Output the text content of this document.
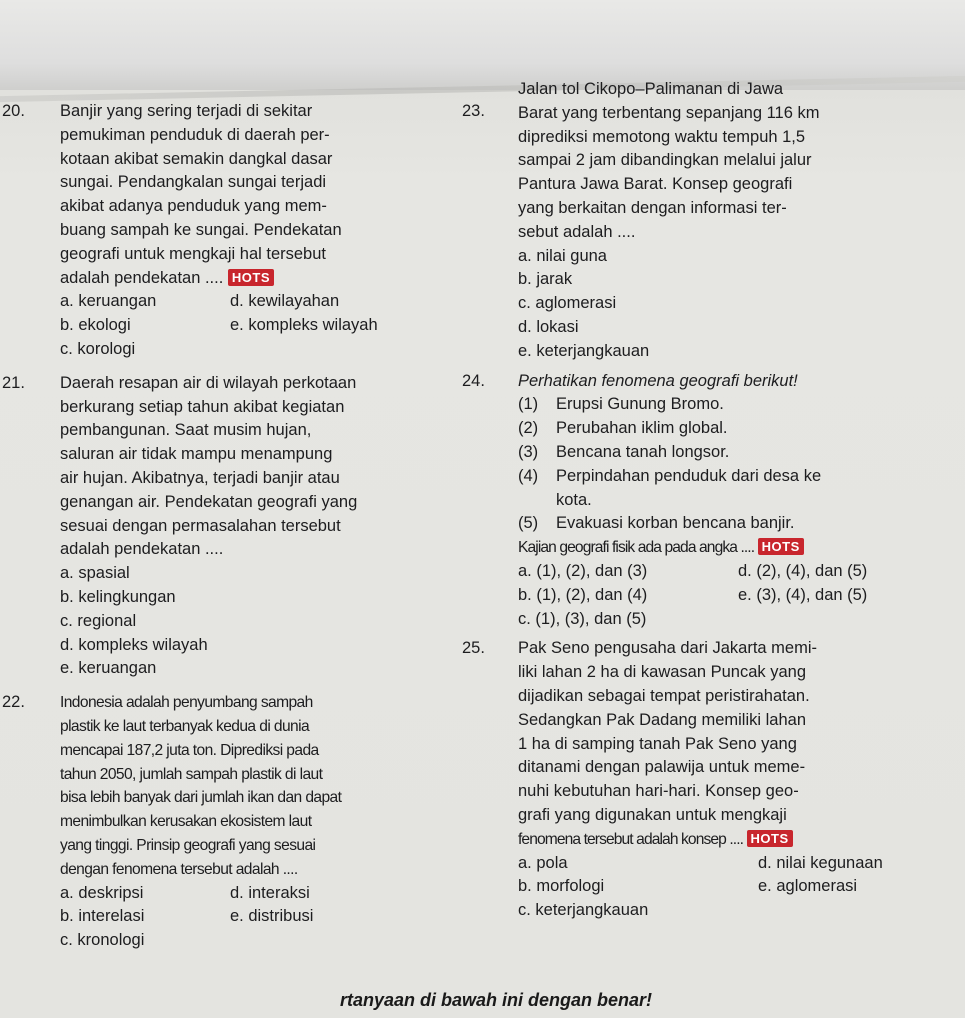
20. Banjir yang sering terjadi di sekitar
pemukiman penduduk di daerah per-
kotaan akibat semakin dangkal dasar
sungai. Pendangkalan sungai terjadi
akibat adanya penduduk yang mem-
buang sampah ke sungai. Pendekatan
geografi untuk mengkaji hal tersebut
adalah pendekatan .... HOTS
a. keruangan	d. kewilayahan
b. ekologi	e. kompleks wilayah
c. korologi
21. Daerah resapan air di wilayah perkotaan
berkurang setiap tahun akibat kegiatan
pembangunan. Saat musim hujan,
saluran air tidak mampu menampung
air hujan. Akibatnya, terjadi banjir atau
genangan air. Pendekatan geografi yang
sesuai dengan permasalahan tersebut
adalah pendekatan ....
a. spasial
b. kelingkungan
c. regional
d. kompleks wilayah
e. keruangan
22. Indonesia adalah penyumbang sampah
plastik ke laut terbanyak kedua di dunia
mencapai 187,2 juta ton. Diprediksi pada
tahun 2050, jumlah sampah plastik di laut
bisa lebih banyak dari jumlah ikan dan dapat
menimbulkan kerusakan ekosistem laut
yang tinggi. Prinsip geografi yang sesuai
dengan fenomena tersebut adalah ....
a. deskripsi	d. interaksi
b. interelasi	e. distribusi
c. kronologi
23.
Jalan tol Cikopo–Palimanan di Jawa
Barat yang terbentang sepanjang 116 km
diprediksi memotong waktu tempuh 1,5
sampai 2 jam dibandingkan melalui jalur
Pantura Jawa Barat. Konsep geografi
yang berkaitan dengan informasi ter-
sebut adalah ....
a. nilai guna
b. jarak
c. aglomerasi
d. lokasi
e. keterjangkauan
24. Perhatikan fenomena geografi berikut!
(1) Erupsi Gunung Bromo.
(2) Perubahan iklim global.
(3) Bencana tanah longsor.
(4) Perpindahan penduduk dari desa ke
kota.
(5) Evakuasi korban bencana banjir.
Kajian geografi fisik ada pada angka .... HOTS
a. (1), (2), dan (3)	d. (2), (4), dan (5)
b. (1), (2), dan (4)	e. (3), (4), dan (5)
c. (1), (3), dan (5)
25. Pak Seno pengusaha dari Jakarta memi-
liki lahan 2 ha di kawasan Puncak yang
dijadikan sebagai tempat peristirahatan.
Sedangkan Pak Dadang memiliki lahan
1 ha di samping tanah Pak Seno yang
ditanami dengan palawija untuk meme-
nuhi kebutuhan hari-hari. Konsep geo-
grafi yang digunakan untuk mengkaji
fenomena tersebut adalah konsep .... HOTS
a. pola	d. nilai kegunaan
b. morfologi	e. aglomerasi
c. keterjangkauan
rtanyaan di bawah ini dengan benar!
